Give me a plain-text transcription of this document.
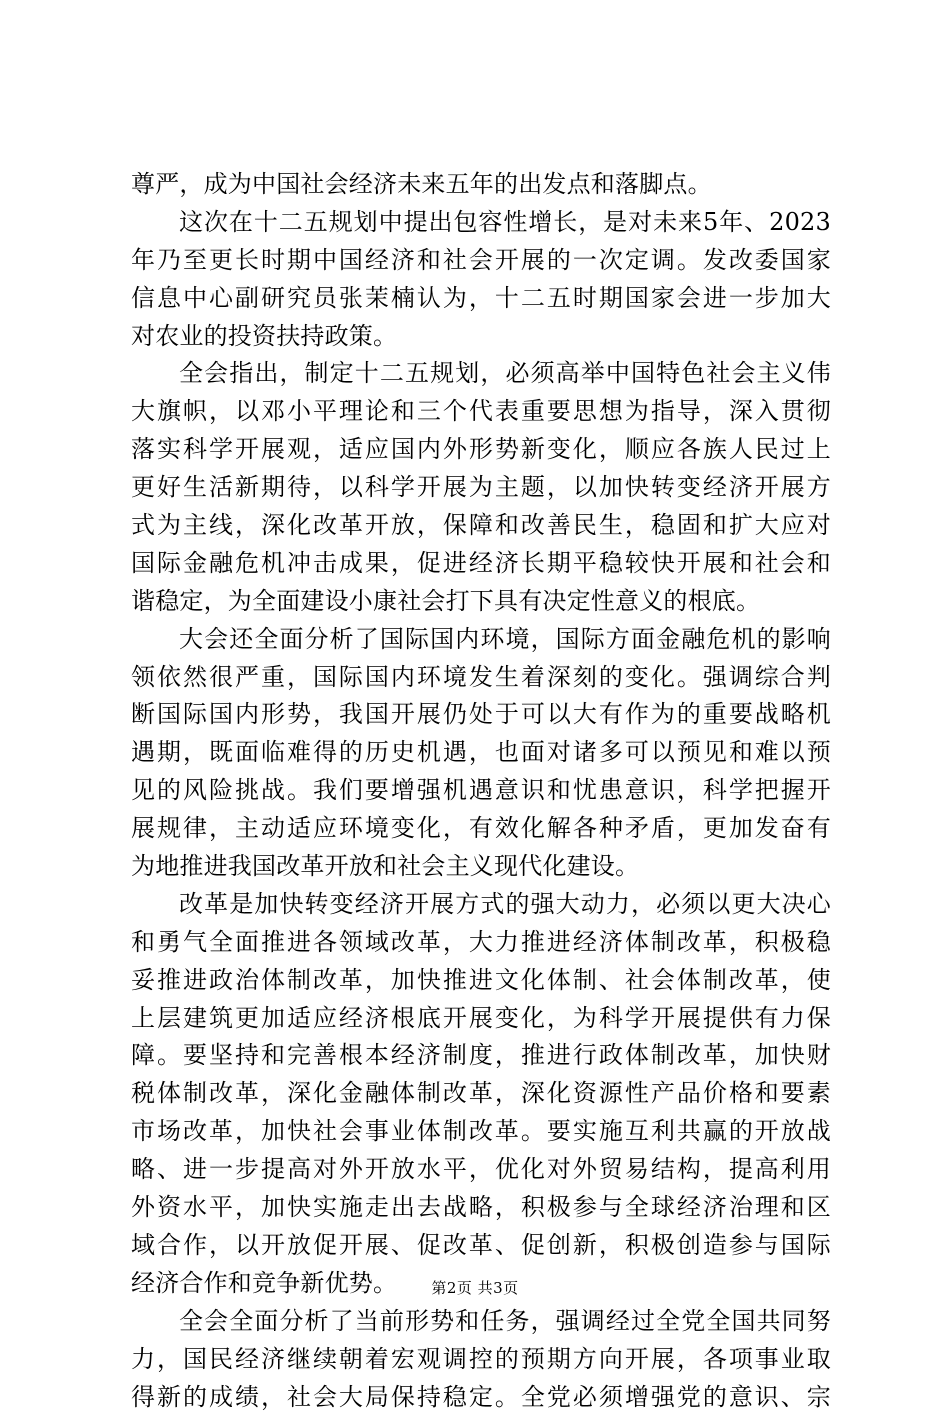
尊严，成为中国社会经济未来五年的出发点和落脚点。
这次在十二五规划中提出包容性增长，是对未来5年、2023
年乃至更长时期中国经济和社会开展的一次定调。发改委国家
信息中心副研究员张茉楠认为，十二五时期国家会进一步加大
对农业的投资扶持政策。
全会指出，制定十二五规划，必须高举中国特色社会主义伟
大旗帜，以邓小平理论和三个代表重要思想为指导，深入贯彻
落实科学开展观，适应国内外形势新变化，顺应各族人民过上
更好生活新期待，以科学开展为主题，以加快转变经济开展方
式为主线，深化改革开放，保障和改善民生，稳固和扩大应对
国际金融危机冲击成果，促进经济长期平稳较快开展和社会和
谐稳定，为全面建设小康社会打下具有决定性意义的根底。
大会还全面分析了国际国内环境，国际方面金融危机的影响
领依然很严重，国际国内环境发生着深刻的变化。强调综合判
断国际国内形势，我国开展仍处于可以大有作为的重要战略机
遇期，既面临难得的历史机遇，也面对诸多可以预见和难以预
见的风险挑战。我们要增强机遇意识和忧患意识，科学把握开
展规律，主动适应环境变化，有效化解各种矛盾，更加发奋有
为地推进我国改革开放和社会主义现代化建设。
改革是加快转变经济开展方式的强大动力，必须以更大决心
和勇气全面推进各领域改革，大力推进经济体制改革，积极稳
妥推进政治体制改革，加快推进文化体制、社会体制改革，使
上层建筑更加适应经济根底开展变化，为科学开展提供有力保
障。要坚持和完善根本经济制度，推进行政体制改革，加快财
税体制改革，深化金融体制改革，深化资源性产品价格和要素
市场改革，加快社会事业体制改革。要实施互利共赢的开放战
略、进一步提高对外开放水平，优化对外贸易结构，提高利用
外资水平，加快实施走出去战略，积极参与全球经济治理和区
域合作，以开放促开展、促改革、促创新，积极创造参与国际
经济合作和竞争新优势。
全会全面分析了当前形势和任务，强调经过全党全国共同努
力，国民经济继续朝着宏观调控的预期方向开展，各项事业取
得新的成绩，社会大局保持稳定。全党必须增强党的意识、宗
第2页 共3页
